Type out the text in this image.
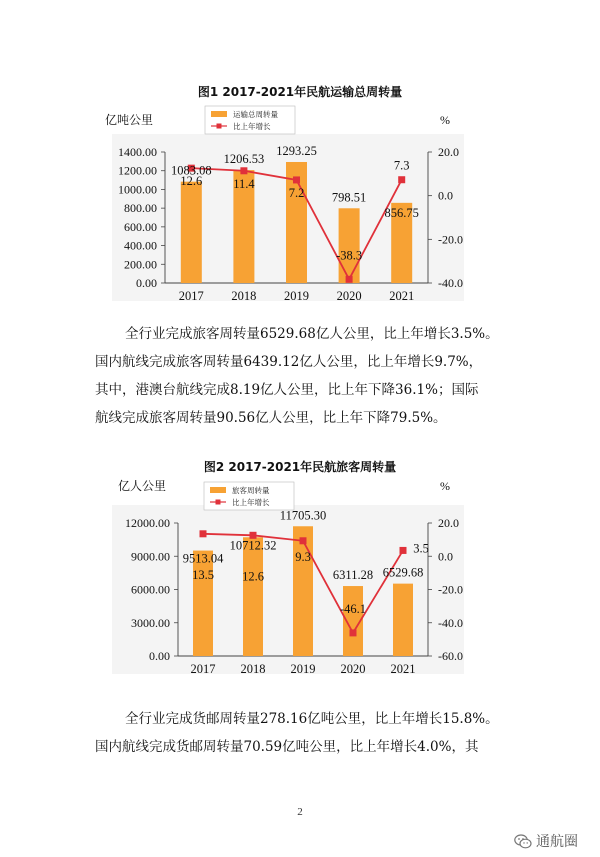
图1 2017-2021年民航运输总周转量
1400.00
1200.00
1000.00
800.00
600.00
400.00
200.00
0.00
20.0
0.0
-20.0
-40.0
亿吨公里	%
运输总周转量
比上年增长
1083.08
1206.53
1293.25
798.51
856.75
12.6 11.4
7.2
-38.3
7.3
2017 2018 2019 2020 2021

全行业完成旅客周转量6529.68亿人公里，比上年增长3.5%。

国内航线完成旅客周转量6439.12亿人公里，比上年增长9.7%，

其中，港澳台航线完成8.19亿人公里，比上年下降36.1%；国际

航线完成旅客周转量90.56亿人公里，比上年下降79.5%。

图2 2017-2021年民航旅客周转量
12000.00
9000.00
6000.00
3000.00
0.00
20.0
0.0
-20.0
-40.0
-60.0
亿人公里	%
旅客周转量
比上年增长
9513.04
10712.32
11705.30
6311.28 6529.68
13.5 12.6
9.3
-46.1
3.5
2017 2018 2019 2020 2021

全行业完成货邮周转量278.16亿吨公里，比上年增长15.8%。

国内航线完成货邮周转量70.59亿吨公里，比上年增长4.0%，其

2
通航圈
